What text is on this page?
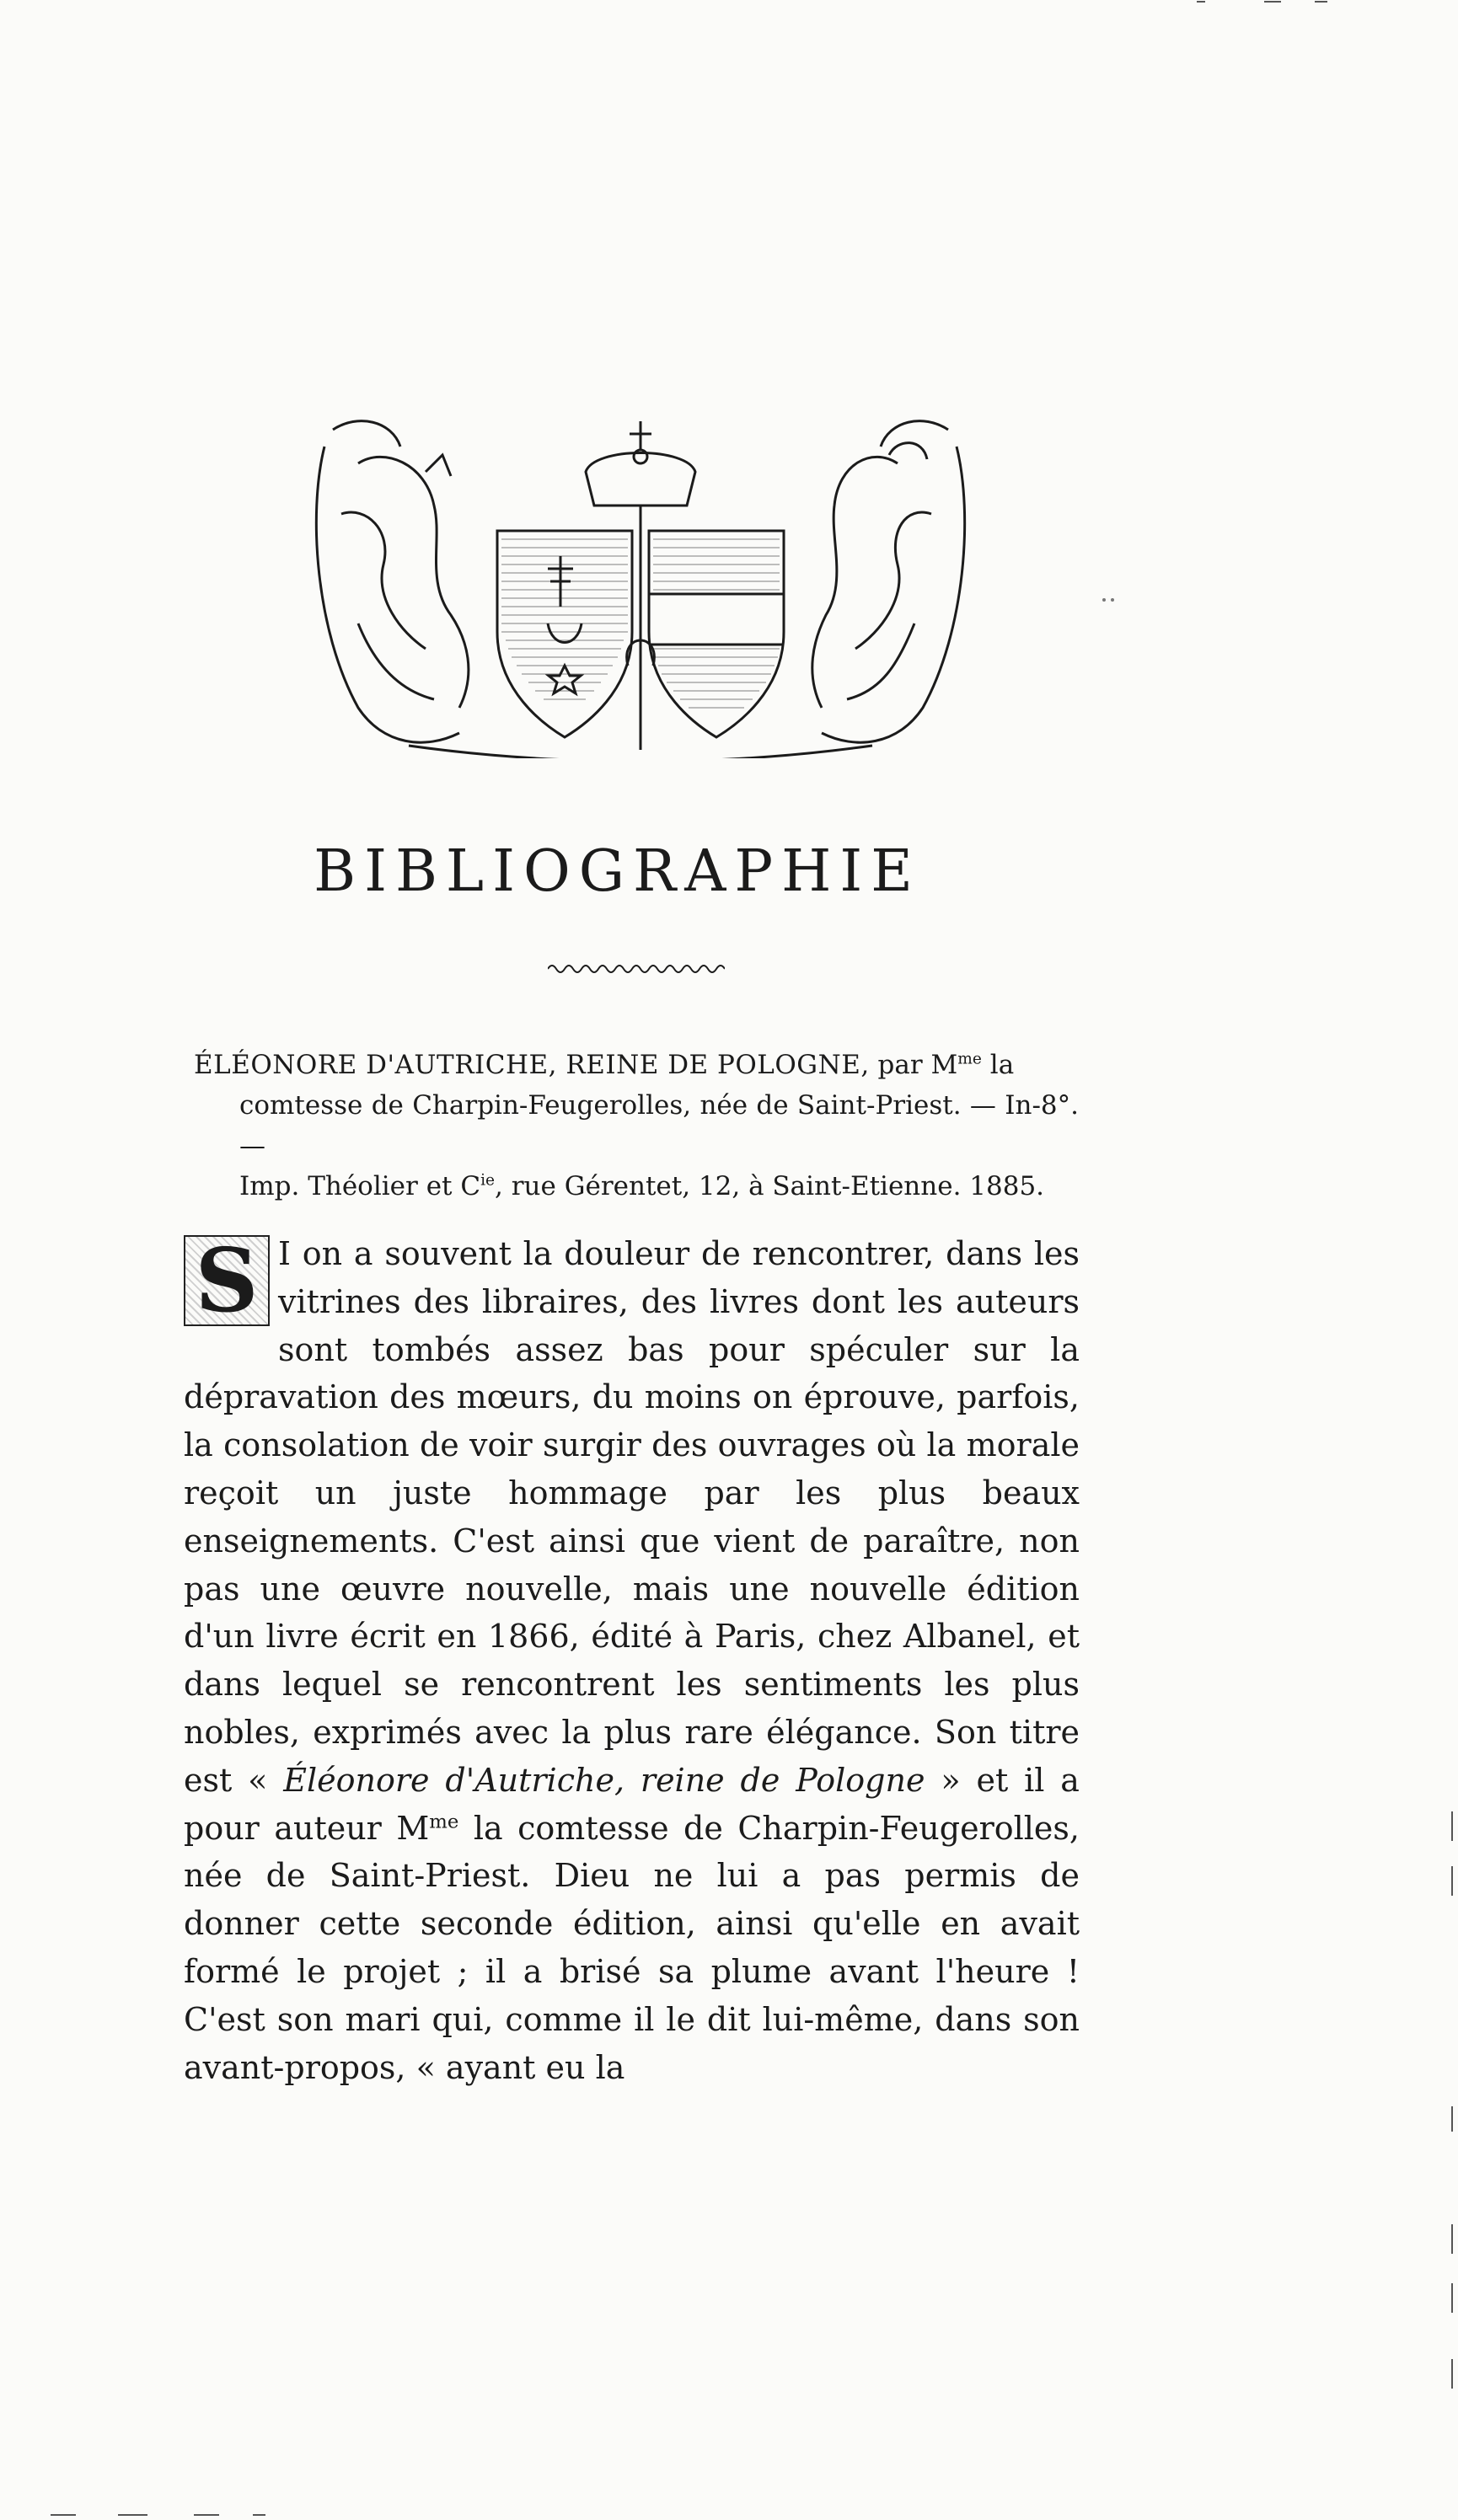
BIBLIOGRAPHIE
ÉLÉONORE D'AUTRICHE, REINE DE POLOGNE, par $M^{me}$ la
comtesse de Charpin-Feugerolles, née de Saint-Priest. — In-8°. —
Imp. Théolier et $C^{ie}$, rue Gérentet, 12, à Saint-Etienne. 1885.

S I on a souvent la douleur de rencontrer, dans les vitrines des libraires, des livres dont les auteurs sont tombés assez bas pour spéculer sur la dépravation des mœurs, du moins on éprouve, parfois, la consolation de voir surgir des ouvrages où la morale reçoit un juste hommage par les plus beaux enseignements. C'est ainsi que vient de paraître, non pas une œuvre nouvelle, mais une nouvelle édition d'un livre écrit en 1866, édité à Paris, chez Albanel, et dans lequel se rencontrent les sentiments les plus nobles, exprimés avec la plus rare élégance. Son titre est « Éléonore d'Autriche, reine de Pologne » et il a pour auteur $M^{me}$ la comtesse de Charpin-Feugerolles, née de Saint-Priest. Dieu ne lui a pas permis de donner cette seconde édition, ainsi qu'elle en avait formé le projet ; il a brisé sa plume avant l'heure ! C'est son mari qui, comme il le dit lui-même, dans son avant-propos, « ayant eu la
